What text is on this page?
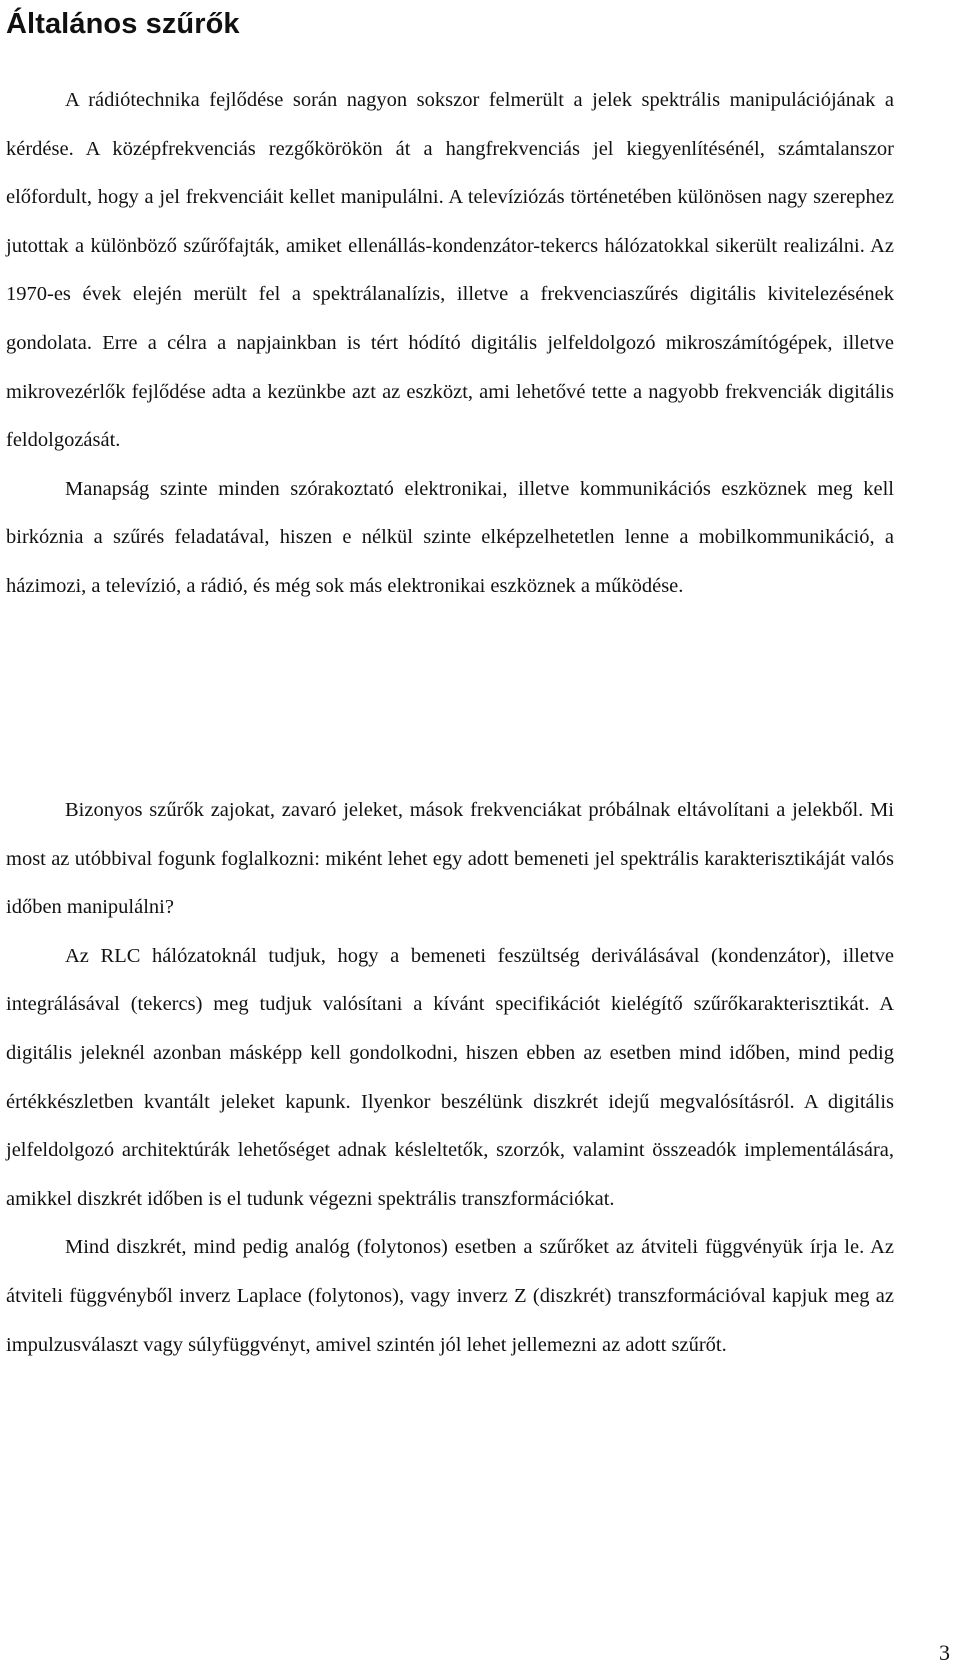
Általános szűrők

A rádiótechnika fejlődése során nagyon sokszor felmerült a jelek spektrális manipulációjának a kérdése. A középfrekvenciás rezgőkörökön át a hangfrekvenciás jel kiegyenlítésénél, számtalanszor előfordult, hogy a jel frekvenciáit kellet manipulálni. A televíziózás történetében különösen nagy szerephez jutottak a különböző szűrőfajták, amiket ellenállás-kondenzátor-tekercs hálózatokkal sikerült realizálni. Az 1970-es évek elején merült fel a spektrálanalízis, illetve a frekvenciaszűrés digitális kivitelezésének gondolata. Erre a célra a napjainkban is tért hódító digitális jelfeldolgozó mikroszámítógépek, illetve mikrovezérlők fejlődése adta a kezünkbe azt az eszközt, ami lehetővé tette a nagyobb frekvenciák digitális feldolgozását.

Manapság szinte minden szórakoztató elektronikai, illetve kommunikációs eszköznek meg kell birkóznia a szűrés feladatával, hiszen e nélkül szinte elképzelhetetlen lenne a mobilkommunikáció, a házimozi, a televízió, a rádió, és még sok más elektronikai eszköznek a működése.

Bizonyos szűrők zajokat, zavaró jeleket, mások frekvenciákat próbálnak eltávolítani a jelekből. Mi most az utóbbival fogunk foglalkozni: miként lehet egy adott bemeneti jel spektrális karakterisztikáját valós időben manipulálni?

Az RLC hálózatoknál tudjuk, hogy a bemeneti feszültség deriválásával (kondenzátor), illetve integrálásával (tekercs) meg tudjuk valósítani a kívánt specifikációt kielégítő szűrőkarakterisztikát. A digitális jeleknél azonban másképp kell gondolkodni, hiszen ebben az esetben mind időben, mind pedig értékkészletben kvantált jeleket kapunk. Ilyenkor beszélünk diszkrét idejű megvalósításról. A digitális jelfeldolgozó architektúrák lehetőséget adnak késleltetők, szorzók, valamint összeadók implementálására, amikkel diszkrét időben is el tudunk végezni spektrális transzformációkat.

Mind diszkrét, mind pedig analóg (folytonos) esetben a szűrőket az átviteli függvényük írja le. Az átviteli függvényből inverz Laplace (folytonos), vagy inverz Z (diszkrét) transzformációval kapjuk meg az impulzusválaszt vagy súlyfüggvényt, amivel szintén jól lehet jellemezni az adott szűrőt.

3
